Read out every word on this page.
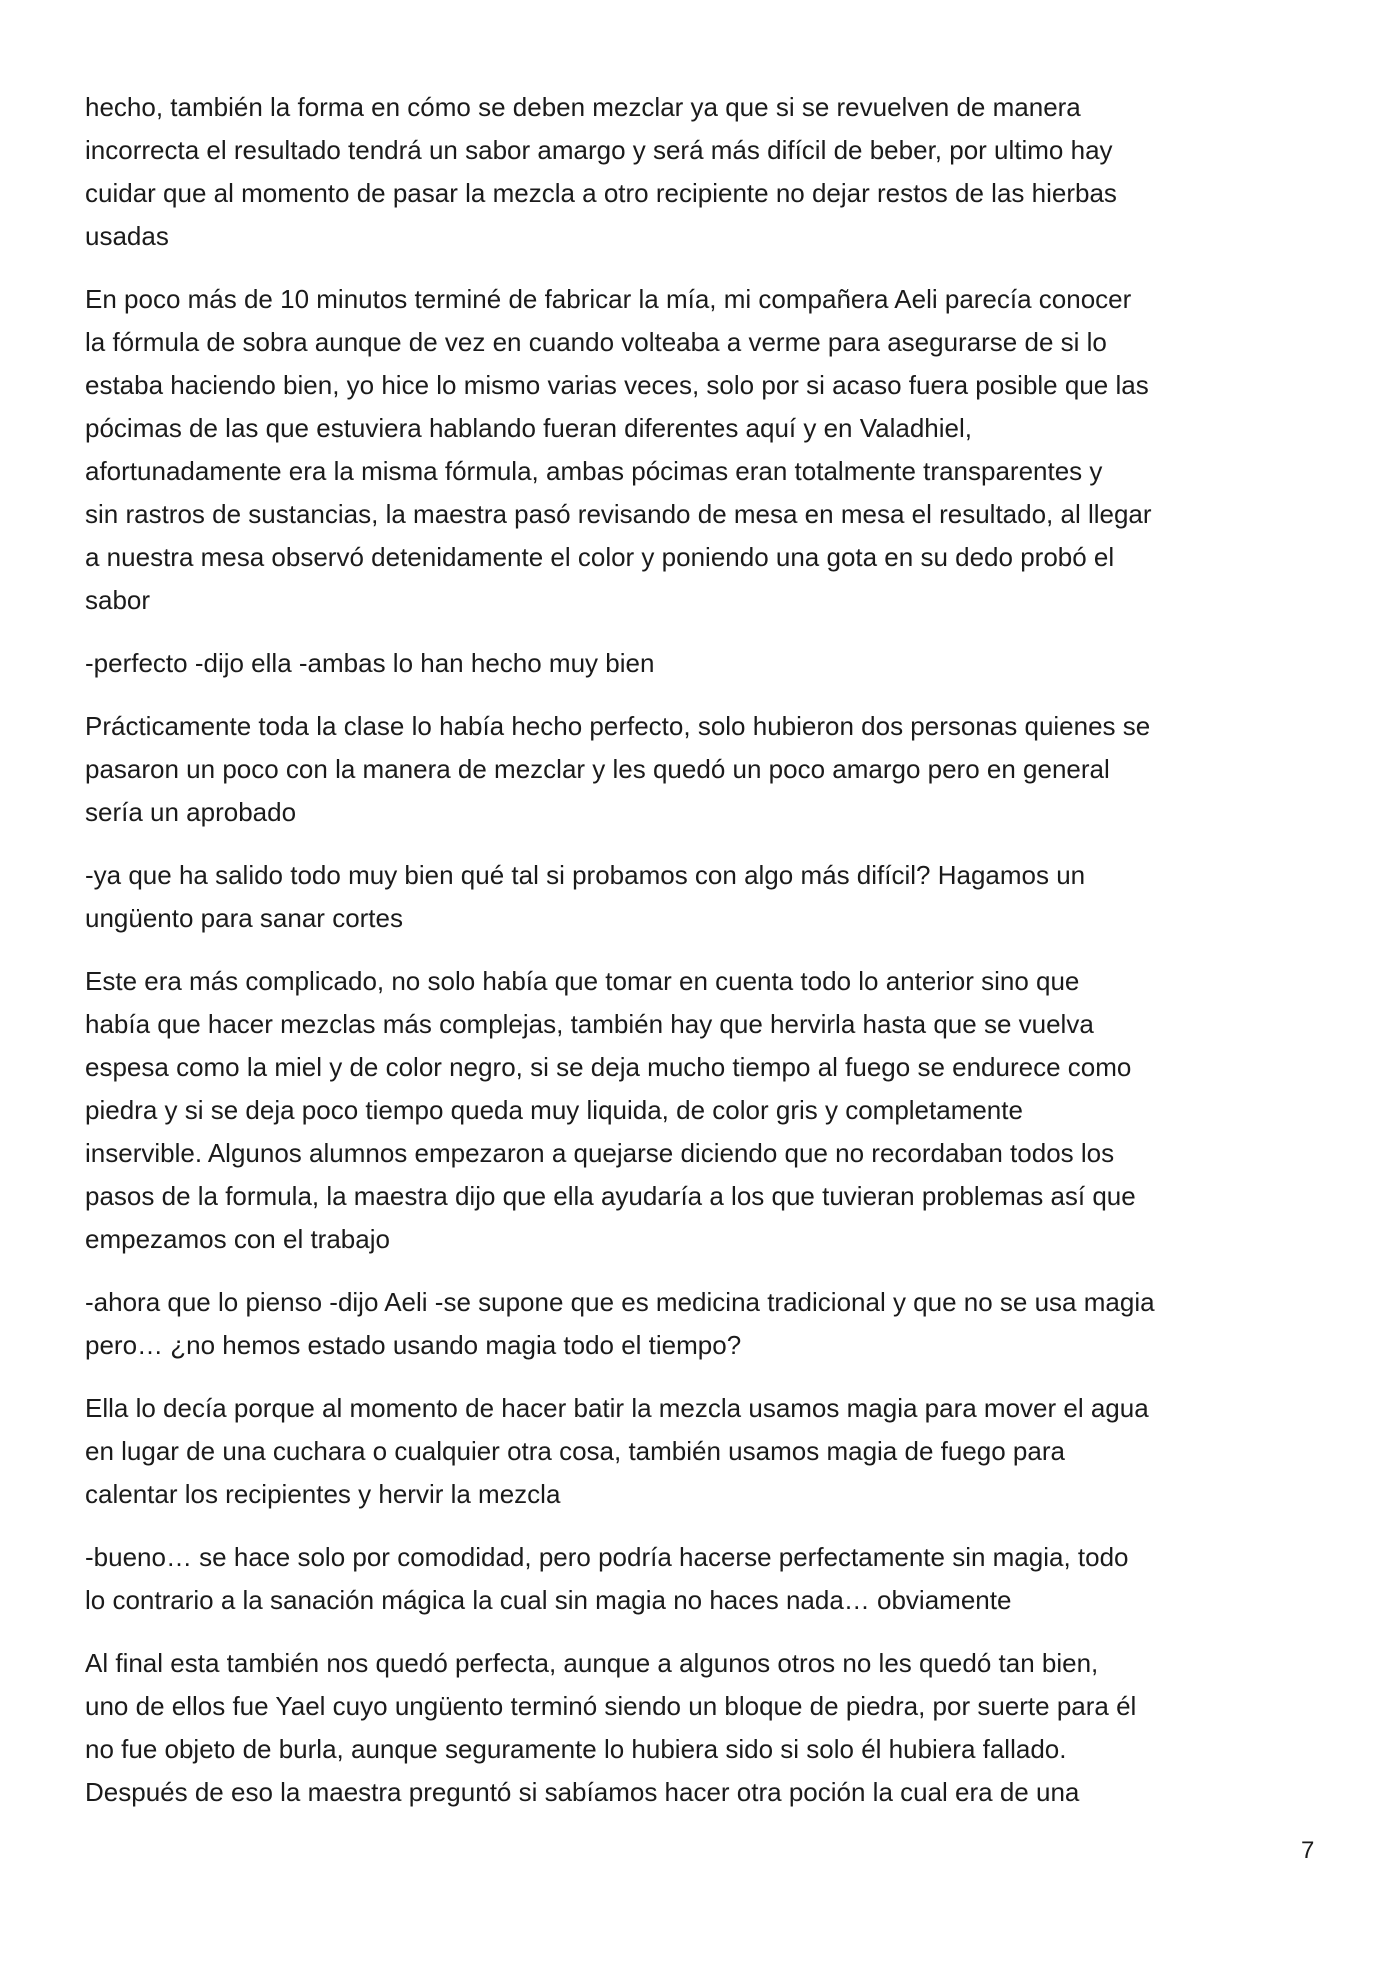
hecho, también la forma en cómo se deben mezclar ya que si se revuelven de manera
incorrecta el resultado tendrá un sabor amargo y será más difícil de beber, por ultimo hay
cuidar que al momento de pasar la mezcla a otro recipiente no dejar restos de las hierbas
usadas
En poco más de 10 minutos terminé de fabricar la mía, mi compañera Aeli parecía conocer
la fórmula de sobra aunque de vez en cuando volteaba a verme para asegurarse de si lo
estaba haciendo bien, yo hice lo mismo varias veces, solo por si acaso fuera posible que las
pócimas de las que estuviera hablando fueran diferentes aquí y en Valadhiel,
afortunadamente era la misma fórmula, ambas pócimas eran totalmente transparentes y
sin rastros de sustancias, la maestra pasó revisando de mesa en mesa el resultado, al llegar
a nuestra mesa observó detenidamente el color y poniendo una gota en su dedo probó el
sabor
-perfecto -dijo ella -ambas lo han hecho muy bien
Prácticamente toda la clase lo había hecho perfecto, solo hubieron dos personas quienes se
pasaron un poco con la manera de mezclar y les quedó un poco amargo pero en general
sería un aprobado
-ya que ha salido todo muy bien qué tal si probamos con algo más difícil? Hagamos un
ungüento para sanar cortes
Este era más complicado, no solo había que tomar en cuenta todo lo anterior sino que
había que hacer mezclas más complejas, también hay que hervirla hasta que se vuelva
espesa como la miel y de color negro, si se deja mucho tiempo al fuego se endurece como
piedra y si se deja poco tiempo queda muy liquida, de color gris y completamente
inservible. Algunos alumnos empezaron a quejarse diciendo que no recordaban todos los
pasos de la formula, la maestra dijo que ella ayudaría a los que tuvieran problemas así que
empezamos con el trabajo
-ahora que lo pienso -dijo Aeli -se supone que es medicina tradicional y que no se usa magia
pero… ¿no hemos estado usando magia todo el tiempo?
Ella lo decía porque al momento de hacer batir la mezcla usamos magia para mover el agua
en lugar de una cuchara o cualquier otra cosa, también usamos magia de fuego para
calentar los recipientes y hervir la mezcla
-bueno… se hace solo por comodidad, pero podría hacerse perfectamente sin magia, todo
lo contrario a la sanación mágica la cual sin magia no haces nada… obviamente
Al final esta también nos quedó perfecta, aunque a algunos otros no les quedó tan bien,
uno de ellos fue Yael cuyo ungüento terminó siendo un bloque de piedra, por suerte para él
no fue objeto de burla, aunque seguramente lo hubiera sido si solo él hubiera fallado.
Después de eso la maestra preguntó si sabíamos hacer otra poción la cual era de una
7
